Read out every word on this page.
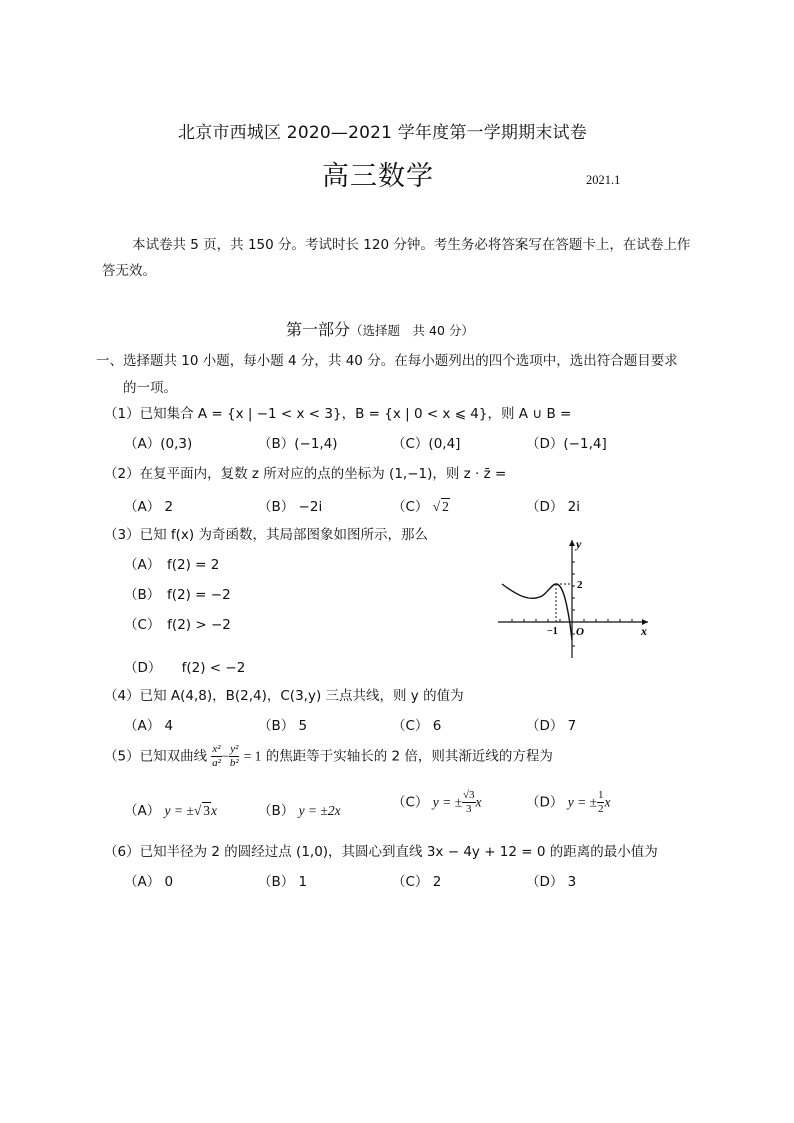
北京市西城区 2020—2021 学年度第一学期期末试卷
高三数学	2021.1
本试卷共 5 页，共 150 分。考试时长 120 分钟。考生务必将答案写在答题卡上，在试卷上作答无效。
第一部分（选择题　共 40 分）
一、选择题共 10 小题，每小题 4 分，共 40 分。在每小题列出的四个选项中，选出符合题目要求
的一项。
（1）已知集合 A = {x | −1 < x < 3}，B = {x | 0 < x ⩽ 4}，则 A ∪ B =
（A）(0,3)	（B）(−1,4)	（C）(0,4]	（D）(−1,4]
（2）在复平面内，复数 z 所对应的点的坐标为 (1,−1)，则 z · z̄ =
（A） 2	（B） −2i	（C） √ 2	（D） 2i
（3）已知 f(x) 为奇函数，其局部图象如图所示，那么
（A）　f(2) = 2
（B）　f(2) = −2
（C）　f(2) > −2
（D）　　f(2) < −2
y
x
O
−1
2
（4）已知 A(4,8)，B(2,4)，C(3,y) 三点共线，则 y 的值为
（A） 4	（B） 5	（C） 6	（D） 7
（5）已知双曲线 $\frac{\text{x²}}{\text{a²}} - \frac{\text{y²}}{\text{b²}} = 1$ 的焦距等于实轴长的 2 倍，则其渐近线的方程为
（A） y = ±√ 3x	（B） y = ±2x	（C） y = ± $\frac{√3}{3}$ x	（D） y = ± $\frac{1}{2}$ x
（6）已知半径为 2 的圆经过点 (1,0)，其圆心到直线 3x − 4y + 12 = 0 的距离的最小值为
（A） 0	（B） 1	（C） 2	（D） 3
